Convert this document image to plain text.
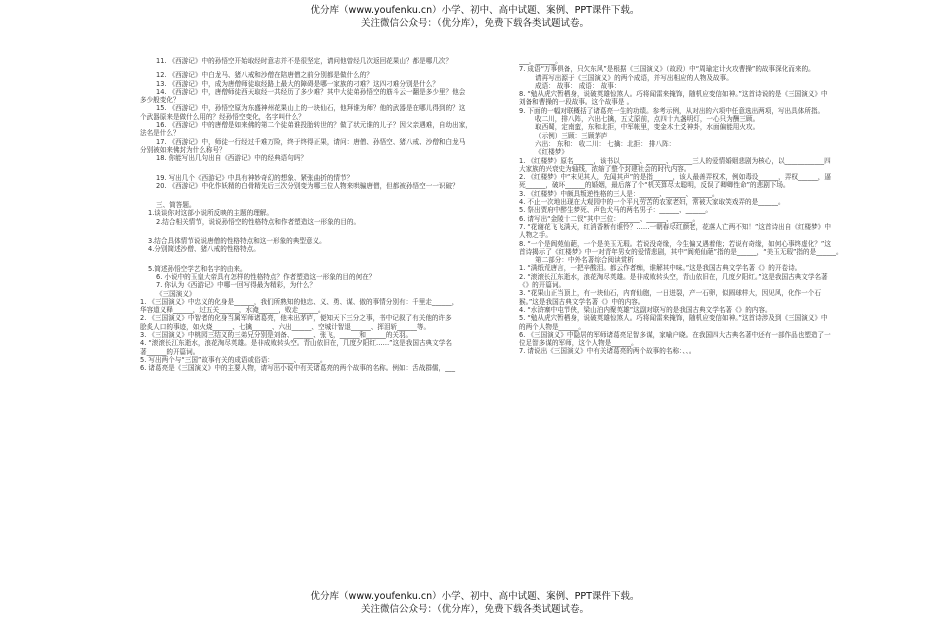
优分库（www.youfenku.cn）小学、初中、高中试题、案例、PPT课件下载。
关注微信公众号：（优分库），免费下载各类试题试卷。
11. 《西游记》中的孙悟空开始取经时意志并不是很坚定，请问他曾经几次返回花果山？都是哪几次？
12. 《西游记》中白龙马、猪八戒和沙僧在陪唐僧之前分别都是做什么的？
13. 《西游记》中，成为唐僧师徒取经路上最大的障碍是哪一家族的刁难？这四刁难分别是什么？
14. 《西游记》中，唐僧师徒西天取经一共经历了多少难？其中大徒弟孙悟空的筋斗云一翻是多少里？他会
多少般变化？
15. 《西游记》中，孙悟空原为东盛神州花果山上的一块仙石，他拜谁为师？他的武器是在哪儿得到的？这
个武器原来是做什么用的？经孙悟空变化，名字叫什么？
16. 《西游记》中的唐僧是如来佛的第二个徒弟谁投胎转世的？做了状元谁的儿子？因父亲遇难，自幼出家，
法名是什么？
17. 《西游记》中，师徒一行经过千难万险，终于终得正果，请问：唐僧、孙悟空、猪八戒、沙僧和白龙马
分别被如来佛封为什么称号？
18. 你能写出几句出自《西游记》中的经典语句吗？
19. 写出几个《西游记》中具有神妙奇幻的想象、紧张曲折的情节？
20. 《西游记》中化作妖精的白骨精先后三次分别变为哪三位人物来哄骗唐僧，但都被孙悟空一一识破？
三、简答题。
1.谈谈你对这部小说所反映的主题的理解。
2.结合相关情节，说说孙悟空的性格特点和作者塑造这一形象的目的。
3.结合具体情节说说唐僧的性格特点和这一形象的典型意义。
4.分别简述沙僧、猪八戒的性格特点。
5.简述孙悟空学艺和名字的由来。
6. 小说中的玉皇大帝具有怎样的性格特点？作者塑造这一形象的目的何在？
7. 你认为《西游记》中哪一回写得最为精彩，为什么？
《三国演义》
1. 《三国演义》中忠义的化身是______，我们所熟知的他忠、义、勇、谋、傲的事情分别有：千里走______，
华容道义释______，过五关______，水淹______，败走______。
2. 《三国演义》中智者的化身当属军师诸葛亮，他未出茅庐，便知天下三分之事，书中记叙了有关他的许多
脍炙人口的事迹，如火烧______、七擒______、六出______、空城计智退______、挥泪斩______等。
3. 《三国演义》中桃园三结义的三弟兄分别是刘备、______、张飞，______和______的关羽。
4. “滚滚长江东逝水，浪花淘尽英雄。是非成败转头空。青山依旧在，几度夕阳红……”这是我国古典文学名
著______的开篇词。
5. 写出两个与“三国”故事有关的成语或俗语：______、______。
6. 诸葛亮是《三国演义》中的主要人物，请写出小说中有关诸葛亮的两个故事的名称。例如：舌战群儒，___
___，______。
7. 成语“万事俱备，只欠东风”是根据《三国演义》（故段）中“周瑜定计火攻曹操”的故事深化而来的。
请再写出源于《三国演义》的两个成语，并写出相应的人物及故事。
成语： 故事： 成语： 故事：
8. “勉从虎穴暂栖身，说破英雄惊煞人。巧将闻雷来掩饰，随机应变信如神。”这首诗说的是《三国演义》中
刘备和曹操的一段故事。这个故事是 。
9. 下面的一幅对联概括了诸葛亮一生的功绩。参考示例，从对出的六项中任意选出两项，写出具体所指。
收二川，排八阵，六出七擒，五丈原前，点四十九盏明灯，一心只为酬三顾。
取西蜀，定南蛮，东和北拒，中军帐里，变金木土爻神卦，水面偏能用火攻。
（示例）三顾：三顾茅庐
六出： 东和： 收二川： 七擒：北拒： 排八阵：
《红楼梦》
1. 《红楼梦》原名______，该书以______、______、______三人的爱情婚姻悲剧为核心，以____________四
大家族的兴衰史为轴线，浓缩了整个封建社会的时代内容。
2. 《红楼梦》中“末见其人，先闻其声”的是指______，该人最善弄权术，例如毒设______，弄权______，逼
死______，破坏______的婚姻，最后落了个“机关算尽太聪明，反误了卿卿性命”的悲剧下场。
3. 《红楼梦》中颇具叛逆性格的三人是：______、______、______。
4. 不止一次地出现在大观园中的一个平凡劳苦的农家老妇，常被大家取笑戏弄的是______。
5. 祭出贾府中醉生梦死、声色犬马的两名男子：______、______。
6. 请写出“金陵十二钗”其中三位：______、______、______。
7. “花谢花飞飞满天，红消香断有谁怜？……一朝春尽红颜老，花落人亡两不知！”这首诗出自《红楼梦》中
人物之手。
8. “一个是阆苑仙葩，一个是美玉无瑕。若说没奇缘，今生偏又遇着他；若说有奇缘，如何心事终虚化？”这
首诗揭示了《红楼梦》中一对青年男女的爱情悲剧，其中“阆苑仙葩”指的是______，“美玉无瑕”指的是______。
第二部分：中外名著综合阅读赏析
1. “满纸荒唐言，一把辛酸泪。都云作者痴，谁解其中味。”这是我国古典文学名著《》的开卷诗。
2. “滚滚长江东逝水，浪花淘尽英雄。是非成败转头空，青山依旧在，几度夕阳红。”这是我国古典文学名著
《》的开篇词。
3. “花果山正当顶上，有一块仙石，内育仙胞，一日迸裂，产一石卵，似圆球样大，因见风，化作一个石
猴。”这是我国古典文学名著《》中的内容。
4. “水浒寨中屯节侠，梁山泊内聚英雄”这副对联写的是我国古典文学名著《》的内容。
5. “勉从虎穴暂栖身，说破英雄惊煞人。巧将闻雷来掩饰，随机应变信如神。”这首诗涉及到《三国演义》中
的两个人物是______。
6. 《三国演义》中隐居的军师诸葛亮足智多谋，家喻户晓。在我国四大古典名著中还有一部作品也塑造了一
位足智多谋的军师，这个人物是______。
7. 请说出《三国演义》中有关诸葛亮的两个故事的名称：、、。
优分库（www.youfenku.cn）小学、初中、高中试题、案例、PPT课件下载。
关注微信公众号：（优分库），免费下载各类试题试卷。
